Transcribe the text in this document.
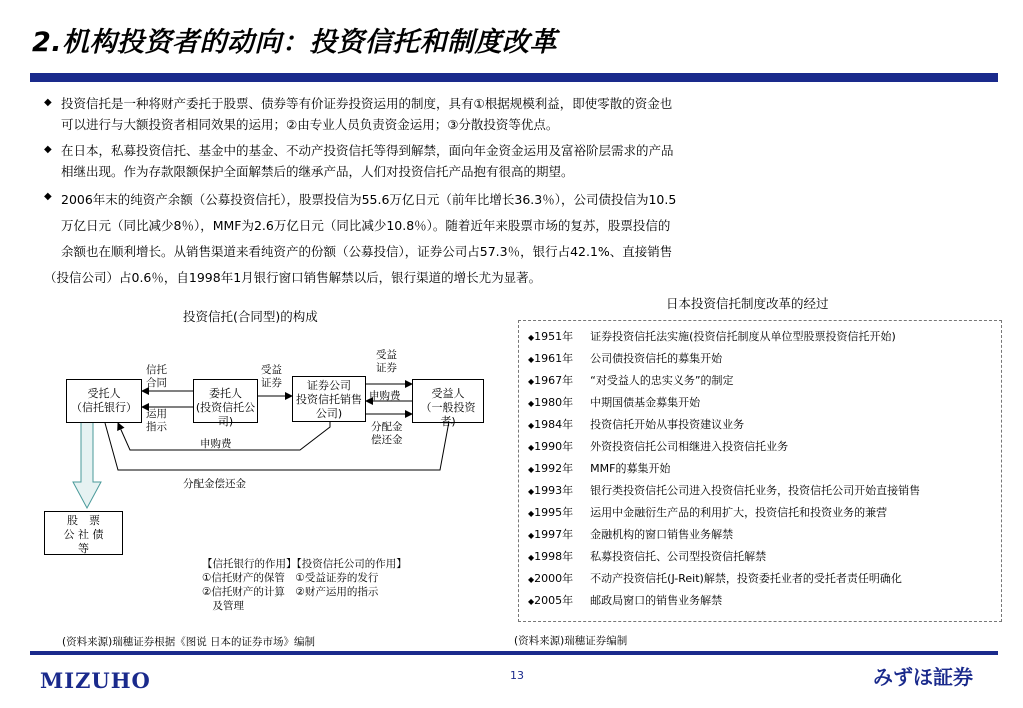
2.机构投资者的动向：投资信托和制度改革
◆ 投资信托是一种将财产委托于股票、债券等有价证券投资运用的制度，具有①根据规模利益，即使零散的资金也

可以进行与大额投资者相同效果的运用；②由专业人员负责资金运用；③分散投资等优点。

◆ 在日本，私募投资信托、基金中的基金、不动产投资信托等得到解禁，面向年金资金运用及富裕阶层需求的产品

相继出现。作为存款限额保护全面解禁后的继承产品，人们对投资信托产品抱有很高的期望。

◆ 2006年末的纯资产余额（公募投资信托），股票投信为55.6万亿日元（前年比增长36.3％），公司债投信为10.5

万亿日元（同比减少8％），MMF为2.6万亿日元（同比减少10.8％）。随着近年来股票市场的复苏，股票投信的

余额也在顺利增长。从销售渠道来看纯资产的份额（公募投信），证券公司占57.3％，银行占42.1%、直接销售

（投信公司）占0.6％，自1998年1月银行窗口销售解禁以后，银行渠道的增长尤为显著。

投资信托(合同型)的构成
受托人
（信托银行）
委托人
(投资信托公司)
证券公司
投资信托销售
公司)
受益人
（一般投资者)
股　票
公 社 债
等
信托
合同
运用
指示
受益
证券
受益
证券
申购费
申购费
分配金
偿还金
分配金偿还金
【信托银行的作用】【投资信托公司的作用】
①信托财产的保管　①受益证券的发行
②信托财产的计算　②财产运用的指示
　及管理
(资料来源)瑞穗证券根据《图说 日本的证券市场》编制
日本投资信托制度改革的经过
◆1951年 证券投资信托法实施(投资信托制度从单位型股票投资信托开始)
◆1961年 公司债投资信托的募集开始
◆1967年 “对受益人的忠实义务”的制定
◆1980年 中期国债基金募集开始
◆1984年 投资信托开始从事投资建议业务
◆1990年 外资投资信托公司相继进入投资信托业务
◆1992年 MMF的募集开始
◆1993年 银行类投资信托公司进入投资信托业务，投资信托公司开始直接销售
◆1995年 运用中金融衍生产品的利用扩大，投资信托和投资业务的兼营
◆1997年 金融机构的窗口销售业务解禁
◆1998年 私募投资信托、公司型投资信托解禁
◆2000年 不动产投资信托(J-Reit)解禁，投资委托业者的受托者责任明确化
◆2005年 邮政局窗口的销售业务解禁
(资料来源)瑞穗证券编制
MIZUHO	13	みずほ証券
